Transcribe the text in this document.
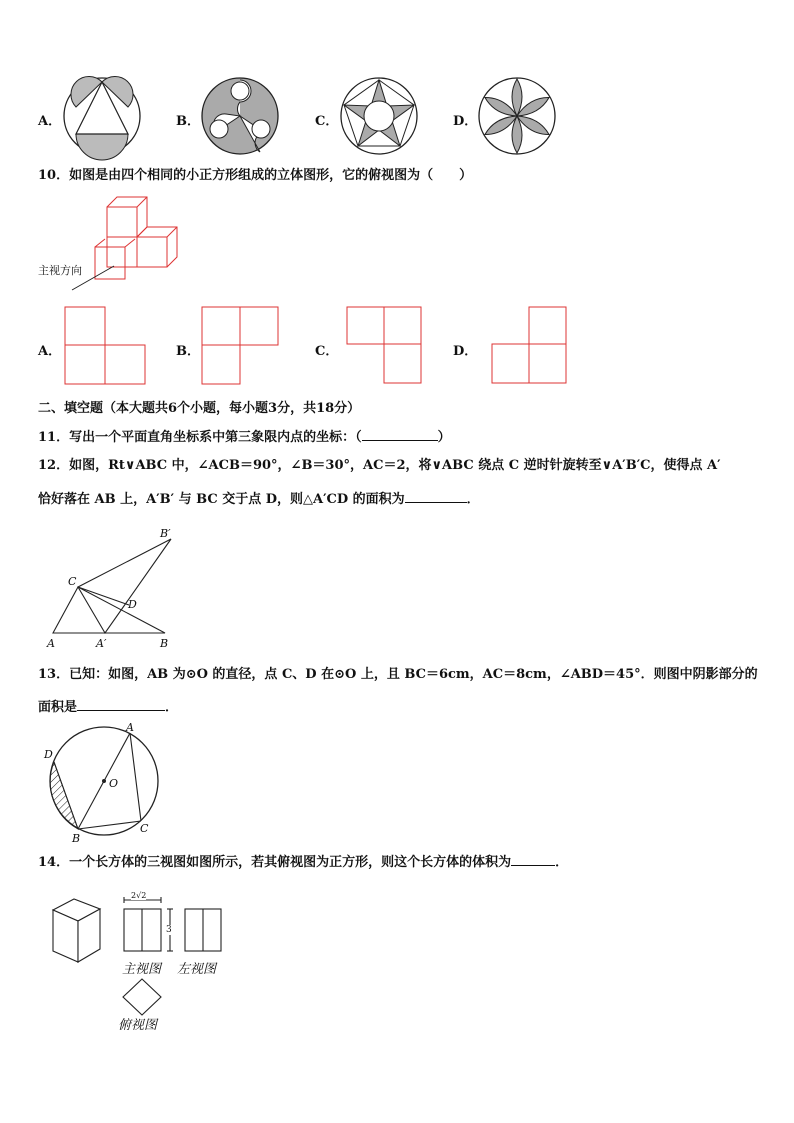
A．	B．	C．	D．
10．如图是由四个相同的小正方形组成的立体图形，它的俯视图为（　　）
主视方向
A．	B．	C．	D．
二、填空题（本大题共6个小题，每小题3分，共18分）
11．写出一个平面直角坐标系中第三象限内点的坐标：（	）
12．如图，Rt∨ABC 中，∠ACB＝90°，∠B＝30°，AC＝2，将∨ABC 绕点 C 逆时针旋转至∨A′B′C，使得点 A′
恰好落在 AB 上，A′B′ 与 BC 交于点 D，则△A′CD 的面积为	．
A	B
C
D
A′
B′
13．已知：如图，AB 为⊙O 的直径，点 C、D 在⊙O 上，且 BC＝6cm，AC＝8cm，∠ABD＝45°．则图中阴影部分的
面积是	．
A
B
C
D
O
14．一个长方体的三视图如图所示，若其俯视图为正方形，则这个长方体的体积为	．
2√2
3
主视图 左视图
俯视图
